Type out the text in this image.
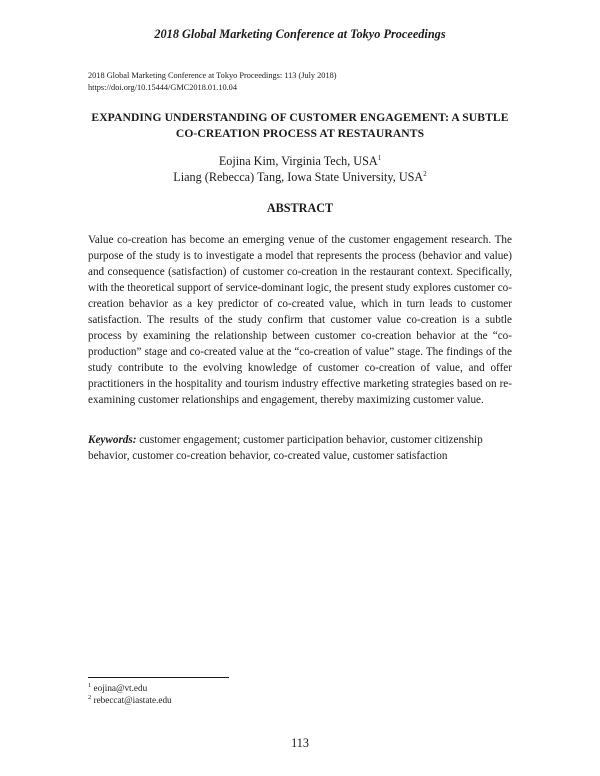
2018 Global Marketing Conference at Tokyo Proceedings
2018 Global Marketing Conference at Tokyo Proceedings: 113 (July 2018)
https://doi.org/10.15444/GMC2018.01.10.04
EXPANDING UNDERSTANDING OF CUSTOMER ENGAGEMENT: A SUBTLE
CO-CREATION PROCESS AT RESTAURANTS
Eojina Kim, Virginia Tech, USA$^1$
Liang (Rebecca) Tang, Iowa State University, USA$^2$
ABSTRACT

Value co-creation has become an emerging venue of the customer engagement research. The purpose of the study is to investigate a model that represents the process (behavior and value) and consequence (satisfaction) of customer co-creation in the restaurant context. Specifically, with the theoretical support of service-dominant logic, the present study explores customer co-creation behavior as a key predictor of co-created value, which in turn leads to customer satisfaction. The results of the study confirm that customer value co-creation is a subtle process by examining the relationship between customer co-creation behavior at the “co-production” stage and co-created value at the “co-creation of value” stage. The findings of the study contribute to the evolving knowledge of customer co-creation of value, and offer practitioners in the hospitality and tourism industry effective marketing strategies based on re-examining customer relationships and engagement, thereby maximizing customer value.

Keywords: customer engagement; customer participation behavior, customer citizenship behavior, customer co-creation behavior, co-created value, customer satisfaction

$^1$ eojina@vt.edu
$^2$ rebeccat@iastate.edu
113
